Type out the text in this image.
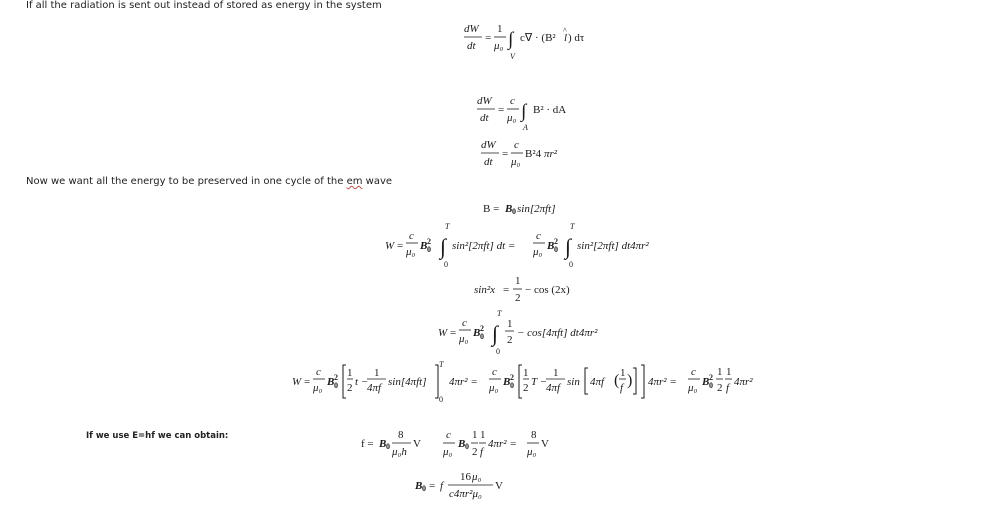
If all the radiation is sent out instead of stored as energy in the system
Now we want all the energy to be preserved in one cycle of the em wave
If we use E=hf we can obtain:
dW
dt
=
1
μ₀ ∫
V
c∇ · (B² l
^
) dτ
dW
dt
=
c
μ₀ ∫
A
B² · dA
dW
dt
=
c
μ₀
B²4 πr²
B = B 0 sin[2πft]
W =
c
μ₀ B 2
0
T
∫
0
sin²[2πft] dt =
c
μ₀ B 2
0
T
∫
0
sin²[2πft] dt4πr²
sin²x =
1
2
− cos (2x)
W =
c
μ₀ B 2
0
T
∫
0
1
2
− cos[4πft] dt4πr²
W =
c
μ₀ B 2
0
1
2 t −
1
4πf sin[4πft]
T
0
4πr² =
c
μ₀ B 2
0
1
2 T −
1
4πf sin 4πf ( 1
f ) 4πr² =
c
μ₀ B 2
0
1
2
1
f 4πr²
f = B 0
8
μ₀h
V
c
μ₀
B 0
1
2
1
f
4πr² =
8
μ₀
V
B 0 = f
16 μ₀
c4πr²μ₀
V
